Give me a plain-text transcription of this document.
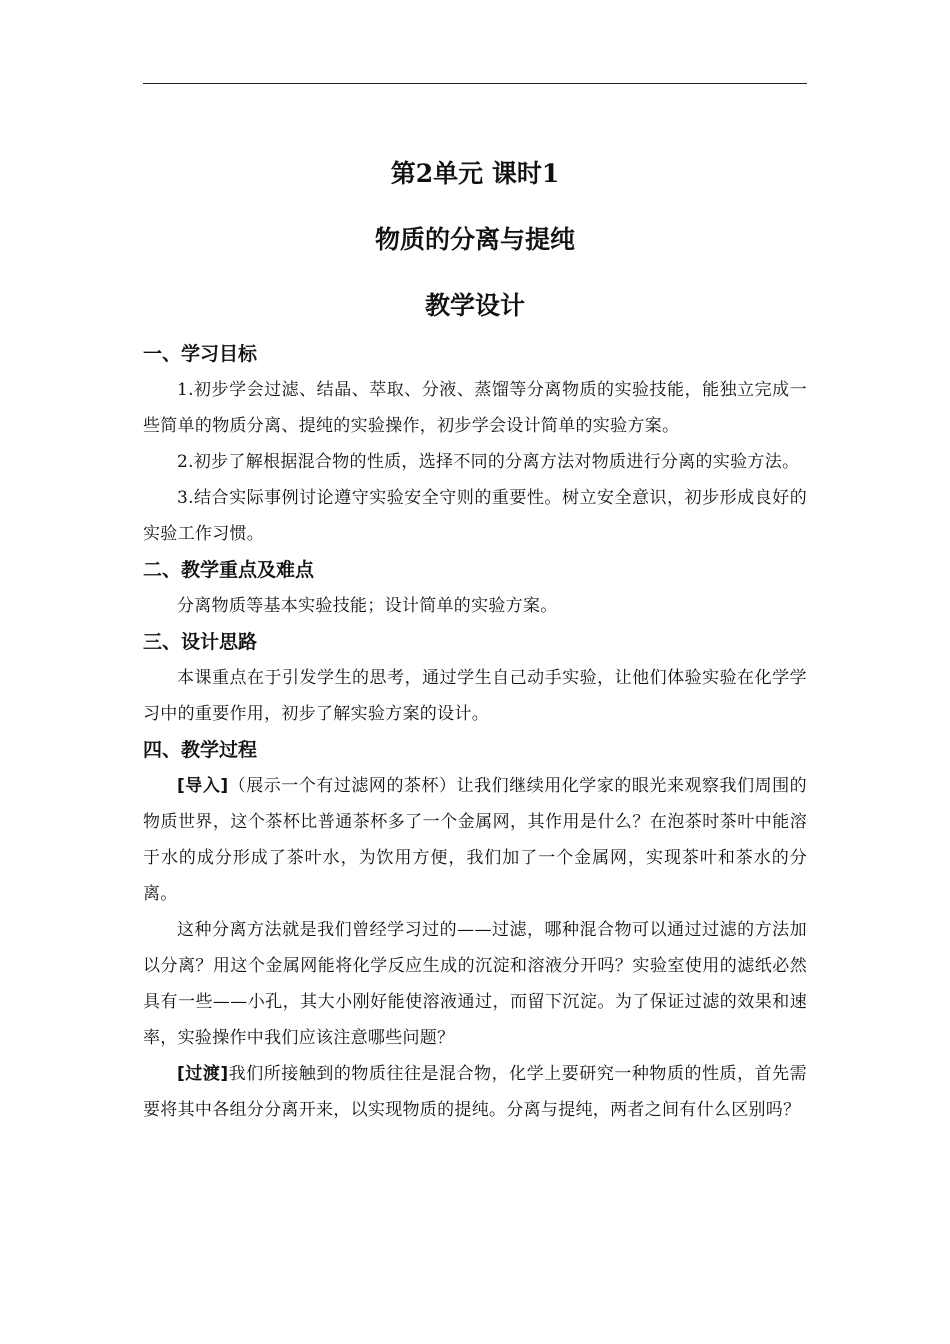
第2单元 课时1
物质的分离与提纯
教学设计
一、学习目标

1.初步学会过滤、结晶、萃取、分液、蒸馏等分离物质的实验技能，能独立完成一些简单的物质分离、提纯的实验操作，初步学会设计简单的实验方案。

2.初步了解根据混合物的性质，选择不同的分离方法对物质进行分离的实验方法。

3.结合实际事例讨论遵守实验安全守则的重要性。树立安全意识，初步形成良好的实验工作习惯。

二、教学重点及难点

分离物质等基本实验技能；设计简单的实验方案。

三、设计思路

本课重点在于引发学生的思考，通过学生自己动手实验，让他们体验实验在化学学习中的重要作用，初步了解实验方案的设计。

四、教学过程

[导入]（展示一个有过滤网的茶杯）让我们继续用化学家的眼光来观察我们周围的物质世界，这个茶杯比普通茶杯多了一个金属网，其作用是什么？在泡茶时茶叶中能溶于水的成分形成了茶叶水，为饮用方便，我们加了一个金属网，实现茶叶和茶水的分离。

这种分离方法就是我们曾经学习过的——过滤，哪种混合物可以通过过滤的方法加以分离？用这个金属网能将化学反应生成的沉淀和溶液分开吗？实验室使用的滤纸必然具有一些——小孔，其大小刚好能使溶液通过，而留下沉淀。为了保证过滤的效果和速率，实验操作中我们应该注意哪些问题？

[过渡]我们所接触到的物质往往是混合物，化学上要研究一种物质的性质，首先需要将其中各组分分离开来，以实现物质的提纯。分离与提纯，两者之间有什么区别吗？
